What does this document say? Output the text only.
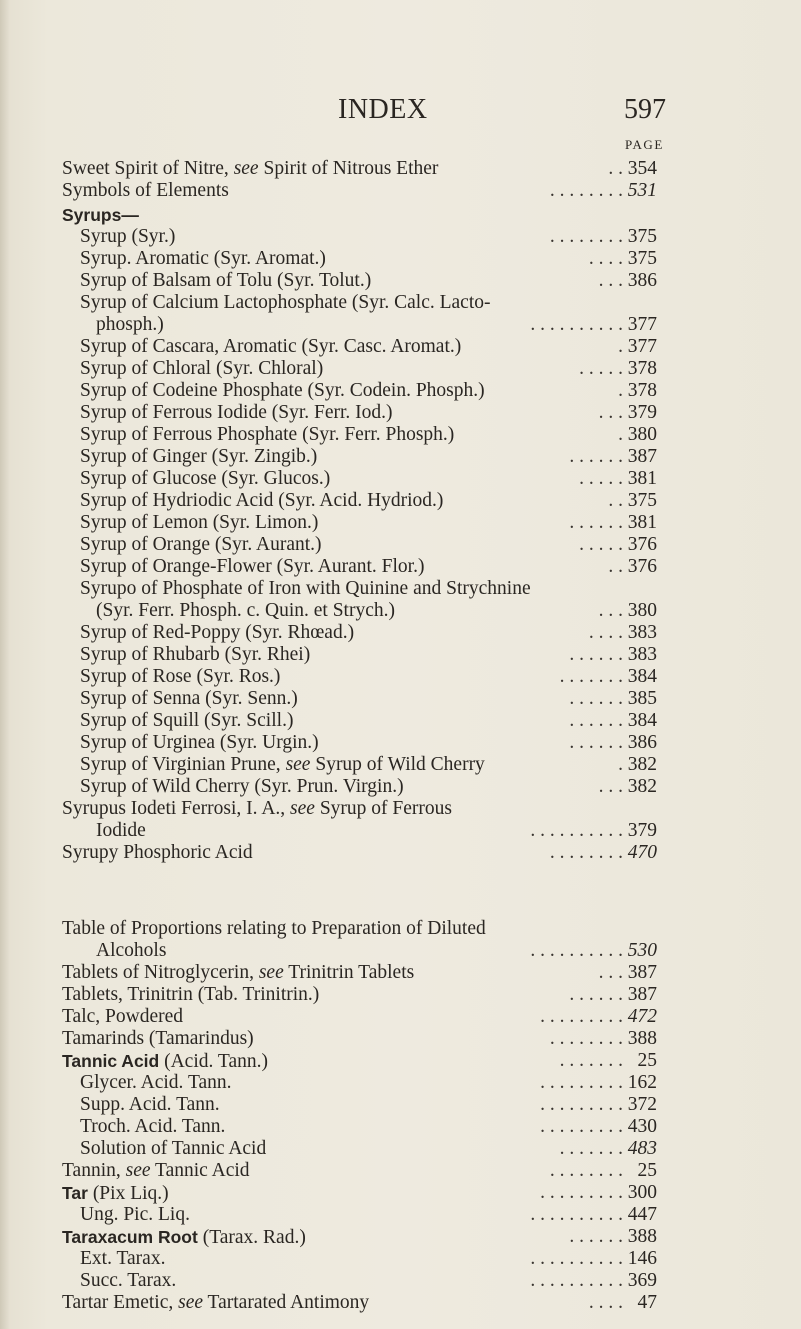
INDEX	597
PAGE
Sweet Spirit of Nitre, see Spirit of Nitrous Ether	. . 354
Symbols of Elements	. . . . . . . . 531
Syrups—
Syrup (Syr.)	. . . . . . . . 375
Syrup. Aromatic (Syr. Aromat.)	. . . . 375
Syrup of Balsam of Tolu (Syr. Tolut.)	. . . 386
Syrup of Calcium Lactophosphate (Syr. Calc. Lacto-
phosph.)	. . . . . . . . . . 377
Syrup of Cascara, Aromatic (Syr. Casc. Aromat.)	. 377
Syrup of Chloral (Syr. Chloral)	. . . . . 378
Syrup of Codeine Phosphate (Syr. Codein. Phosph.)	. 378
Syrup of Ferrous Iodide (Syr. Ferr. Iod.)	. . . 379
Syrup of Ferrous Phosphate (Syr. Ferr. Phosph.)	. 380
Syrup of Ginger (Syr. Zingib.)	. . . . . . 387
Syrup of Glucose (Syr. Glucos.)	. . . . . 381
Syrup of Hydriodic Acid (Syr. Acid. Hydriod.)	. . 375
Syrup of Lemon (Syr. Limon.)	. . . . . . 381
Syrup of Orange (Syr. Aurant.)	. . . . . 376
Syrup of Orange-Flower (Syr. Aurant. Flor.)	. . 376
Syrupo of Phosphate of Iron with Quinine and Strychnine
(Syr. Ferr. Phosph. c. Quin. et Strych.)	. . . 380
Syrup of Red-Poppy (Syr. Rhœad.)	. . . . 383
Syrup of Rhubarb (Syr. Rhei)	. . . . . . 383
Syrup of Rose (Syr. Ros.)	. . . . . . . 384
Syrup of Senna (Syr. Senn.)	. . . . . . 385
Syrup of Squill (Syr. Scill.)	. . . . . . 384
Syrup of Urginea (Syr. Urgin.)	. . . . . . 386
Syrup of Virginian Prune, see Syrup of Wild Cherry	. 382
Syrup of Wild Cherry (Syr. Prun. Virgin.)	. . . 382
Syrupus Iodeti Ferrosi, I. A., see Syrup of Ferrous
Iodide	. . . . . . . . . . 379
Syrupy Phosphoric Acid	. . . . . . . . 470
Table of Proportions relating to Preparation of Diluted
Alcohols	. . . . . . . . . . 530
Tablets of Nitroglycerin, see Trinitrin Tablets	. . . 387
Tablets, Trinitrin (Tab. Trinitrin.)	. . . . . . 387
Talc, Powdered	. . . . . . . . . 472
Tamarinds (Tamarindus)	. . . . . . . . 388
Tannic Acid (Acid. Tann.)	. . . . . . . 25
Glycer. Acid. Tann.	. . . . . . . . . 162
Supp. Acid. Tann.	. . . . . . . . . 372
Troch. Acid. Tann.	. . . . . . . . . 430
Solution of Tannic Acid	. . . . . . . 483
Tannin, see Tannic Acid	. . . . . . . . 25
Tar (Pix Liq.)	. . . . . . . . . 300
Ung. Pic. Liq.	. . . . . . . . . . 447
Taraxacum Root (Tarax. Rad.)	. . . . . . 388
Ext. Tarax.	. . . . . . . . . . 146
Succ. Tarax.	. . . . . . . . . . 369
Tartar Emetic, see Tartarated Antimony	. . . . 47
